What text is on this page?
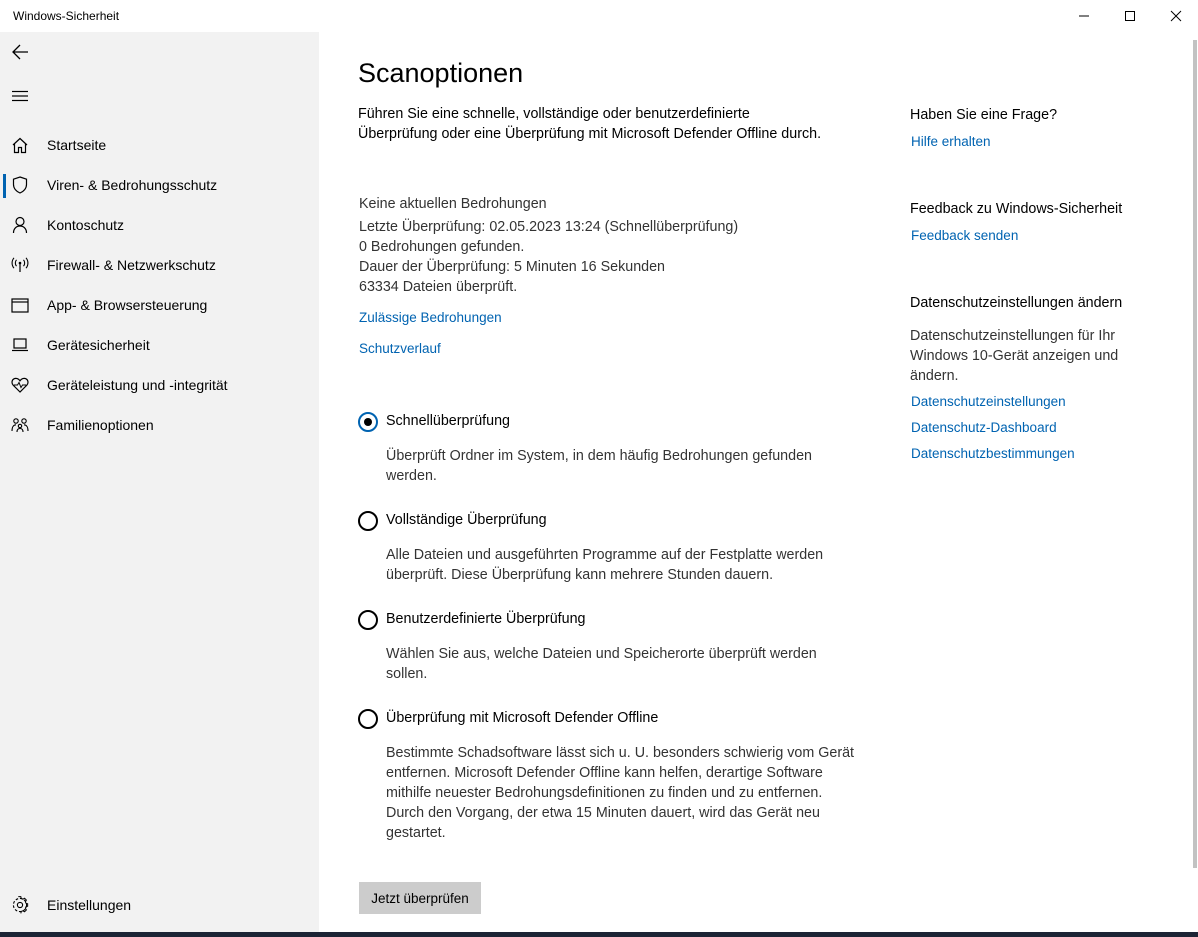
Windows-Sicherheit
Startseite
Viren- & Bedrohungsschutz
Kontoschutz
Firewall- & Netzwerkschutz
App- & Browsersteuerung
Gerätesicherheit
Geräteleistung und -integrität
Familienoptionen
Einstellungen
Scanoptionen

Führen Sie eine schnelle, vollständige oder benutzerdefinierte Überprüfung oder eine Überprüfung mit Microsoft Defender Offline durch.

Keine aktuellen Bedrohungen
Letzte Überprüfung: 02.05.2023 13:24 (Schnellüberprüfung)
0 Bedrohungen gefunden.
Dauer der Überprüfung: 5 Minuten 16 Sekunden
63334 Dateien überprüft.
Zulässige Bedrohungen
Schutzverlauf
Schnellüberprüfung

Überprüft Ordner im System, in dem häufig Bedrohungen gefunden werden.

Vollständige Überprüfung

Alle Dateien und ausgeführten Programme auf der Festplatte werden überprüft. Diese Überprüfung kann mehrere Stunden dauern.

Benutzerdefinierte Überprüfung

Wählen Sie aus, welche Dateien und Speicherorte überprüft werden sollen.

Überprüfung mit Microsoft Defender Offline

Bestimmte Schadsoftware lässt sich u. U. besonders schwierig vom Gerät entfernen. Microsoft Defender Offline kann helfen, derartige Software mithilfe neuester Bedrohungsdefinitionen zu finden und zu entfernen. Durch den Vorgang, der etwa 15 Minuten dauert, wird das Gerät neu gestartet.

Jetzt überprüfen
Haben Sie eine Frage?
Hilfe erhalten
Feedback zu Windows-Sicherheit
Feedback senden
Datenschutzeinstellungen ändern

Datenschutzeinstellungen für Ihr Windows 10-Gerät anzeigen und ändern.

Datenschutzeinstellungen
Datenschutz-Dashboard
Datenschutzbestimmungen
